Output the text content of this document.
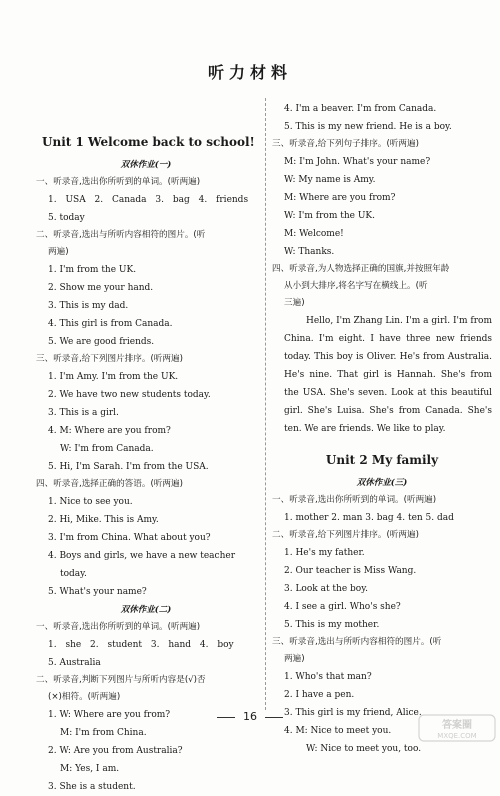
听力材料
Unit 1 Welcome back to school!
双休作业(一)
一、听录音,选出你所听到的单词。(听两遍)
1. USA 2. Canada 3. bag 4. friends
5. today
二、听录音,选出与所听内容相符的图片。(听
两遍)
1. I'm from the UK.
2. Show me your hand.
3. This is my dad.
4. This girl is from Canada.
5. We are good friends.
三、听录音,给下列图片排序。(听两遍)
1. I'm Amy. I'm from the UK.
2. We have two new students today.
3. This is a girl.
4. M: Where are you from?
W: I'm from Canada.
5. Hi, I'm Sarah. I'm from the USA.
四、听录音,选择正确的答语。(听两遍)
1. Nice to see you.
2. Hi, Mike. This is Amy.
3. I'm from China. What about you?
4. Boys and girls, we have a new teacher
today.
5. What's your name?
双休作业(二)
一、听录音,选出你所听到的单词。(听两遍)
1. she 2. student 3. hand 4. boy
5. Australia
二、听录音,判断下列图片与所听内容是(√)否
(×)相符。(听两遍)
1. W: Where are you from?
M: I'm from China.
2. W: Are you from Australia?
M: Yes, I am.
3. She is a student.
4. I'm a beaver. I'm from Canada.
5. This is my new friend. He is a boy.
三、听录音,给下列句子排序。(听两遍)
M: I'm John. What's your name?
W: My name is Amy.
M: Where are you from?
W: I'm from the UK.
M: Welcome!
W: Thanks.
四、听录音,为人物选择正确的国旗,并按照年龄
从小到大排序,将名字写在横线上。(听
三遍)
Hello, I'm Zhang Lin. I'm a girl. I'm from China. I'm eight. I have three new friends today. This boy is Oliver. He's from Australia. He's nine. That girl is Hannah. She's from the USA. She's seven. Look at this beautiful girl. She's Luisa. She's from Canada. She's ten. We are friends. We like to play.
Unit 2 My family
双休作业(三)
一、听录音,选出你所听到的单词。(听两遍)
1. mother 2. man 3. bag 4. ten 5. dad
二、听录音,给下列图片排序。(听两遍)
1. He's my father.
2. Our teacher is Miss Wang.
3. Look at the boy.
4. I see a girl. Who's she?
5. This is my mother.
三、听录音,选出与所听内容相符的图片。(听
两遍)
1. Who's that man?
2. I have a pen.
3. This girl is my friend, Alice.
4. M: Nice to meet you.
W: Nice to meet you, too.
16
答案圈
MXQE.COM
